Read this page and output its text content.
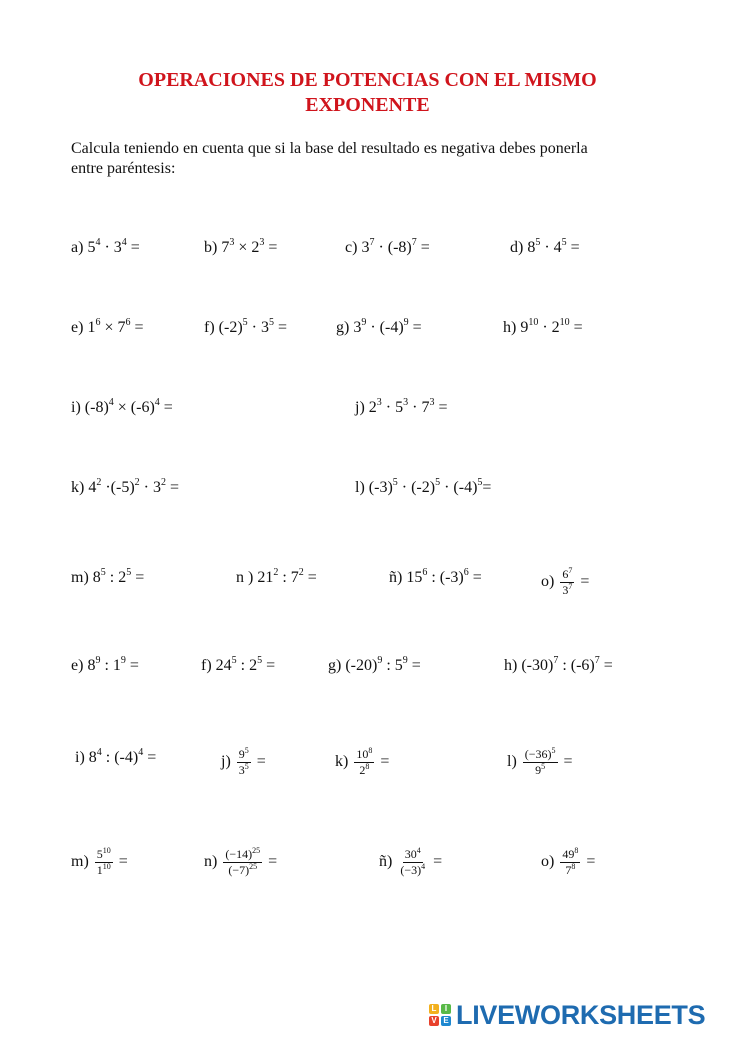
OPERACIONES DE POTENCIAS CON EL MISMO
EXPONENTE

Calcula teniendo en cuenta que si la base del resultado es negativa debes ponerla
entre paréntesis:

a) $5^4 \cdot 3^4$ =	b) $7^3 \times 2^3$ =	c) $3^7 \cdot (-8)^7$ =	d) $8^5 \cdot 4^5$ =
e) $1^6 \times 7^6$ =	f) $(-2)^5 \cdot 3^5$ =	g) $3^9 \cdot (-4)^9$ =	h) $9^{10} \cdot 2^{10}$ =
i) $(-8)^4 \times (-6)^4$ =	j) $2^3 \cdot 5^3 \cdot 7^3$ =
k) $4^2 \cdot(-5)^2 \cdot 3^2$ =	l) $(-3)^5 \cdot (-2)^5 \cdot (-4)^5=$
m) $8^5$ : $2^5$ =	n ) $21^2$ : $7^2$ =	ñ) $15^6$ : $(-3)^6$ =	$o) \frac{6^7}{3^7}$ =
e) $8^9$ : $1^9$ =	f) $24^5$ : $2^5$ =	g) $(-20)^9$ : $5^9$ =	h) $(-30)^7$ : $(-6)^7$ =
i) $8^4$ : $(-4)^4$ =	$j) \frac{9^5}{3^5}$ =	$k) \frac{10^8}{2^8}$ =	$l) \frac{(-36)^5}{9^5}$ =
$m) \frac{5^{10}}{1^{10}}$ =	$n) \frac{(-14)^{25}}{(-7)^{25}}$ =	ñ) $\frac{30^4}{(-3)^4}$ =	$o) \frac{49^8}{7^8}$ =
L	I
V E LIVEWORKSHEETS
